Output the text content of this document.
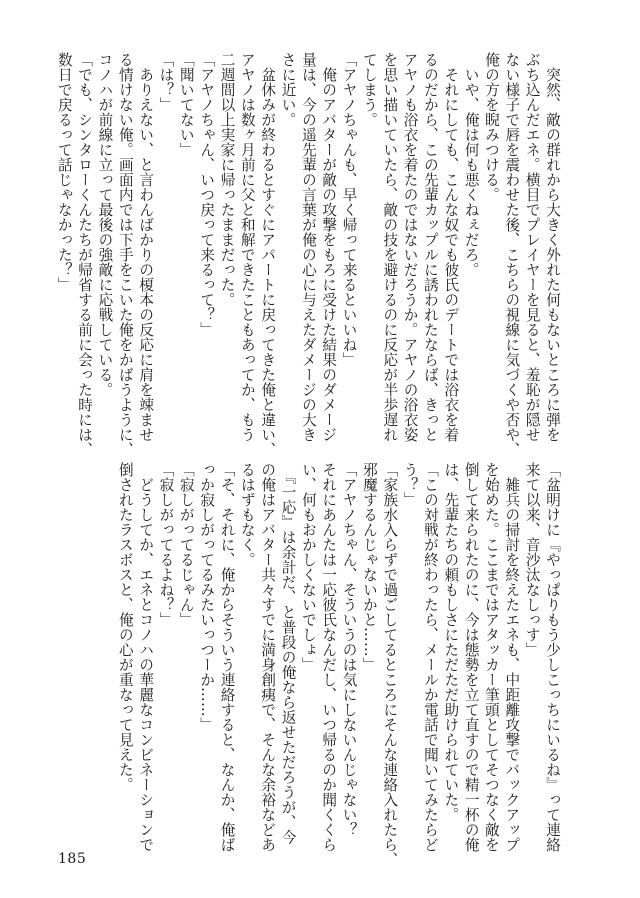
　突然、敵の群れから大きく外れた何もないところに弾を
ぶち込んだエネ。横目でプレイヤーを見ると、羞恥が隠せ
ない様子で唇を震わせた後、こちらの視線に気づくや否や、
俺の方を睨みつける。
　いや、俺は何も悪くねぇだろ。
　それにしても、こんな奴でも彼氏のデートでは浴衣を着
るのだから、この先輩カップルに誘われたならば、きっと
アヤノも浴衣を着たのではないだろうか。アヤノの浴衣姿
を思い描いていたら、敵の技を避けるのに反応が半歩遅れ
てしまう。
「アヤノちゃんも、早く帰って来るといいね」
　俺のアバターが敵の攻撃をもろに受けた結果のダメージ
量は、今の遥先輩の言葉が俺の心に与えたダメージの大き
さに近い。
　盆休みが終わるとすぐにアパートに戻ってきた俺と違い、
アヤノは数ヶ月前に父と和解できたこともあってか、もう
二週間以上実家に帰ったままだった。
「アヤノちゃん、いつ戻って来るって？」
「聞いてない」
「は？」
　ありえない、と言わんばかりの榎本の反応に肩を竦ませ
る情けない俺。画面内では下手をこいた俺をかばうように、
コノハが前線に立って最後の強敵に応戦している。
「でも、シンタローくんたちが帰省する前に会った時には、
数日で戻るって話じゃなかった？」
「盆明けに『やっぱりもう少しこっちにいるね』って連絡
来て以来、音沙汰なしっす」
　雑兵の掃討を終えたエネも、中距離攻撃でバックアップ
を始めた。ここまではアタッカー筆頭としてそつなく敵を
倒して来られたのに、今は態勢を立て直すので精一杯の俺
は、先輩たちの頼もしさにただただ助けられていた。
「この対戦が終わったら、メールか電話で聞いてみたらど
う？」
「家族水入らずで過ごしてるところにそんな連絡入れたら、
邪魔するんじゃないかと……」
「アヤノちゃん、そういうのは気にしないんじゃない？
それにあんたは一応彼氏なんだし、いつ帰るのか聞くくら
い、何もおかしくないでしょ」
　『一応』は余計だ、と普段の俺なら返せただろうが、今
の俺はアバター共々すでに満身創痍で、そんな余裕などあ
るはずもなく。
「そ、それに、俺からそういう連絡すると、なんか、俺ば
っか寂しがってるみたいっつーか……」
「寂しがってるじゃん」
「寂しがってるよね？」
　どうしてか、エネとコノハの華麗なコンビネーションで
倒されたラスボスと、俺の心が重なって見えた。
185
